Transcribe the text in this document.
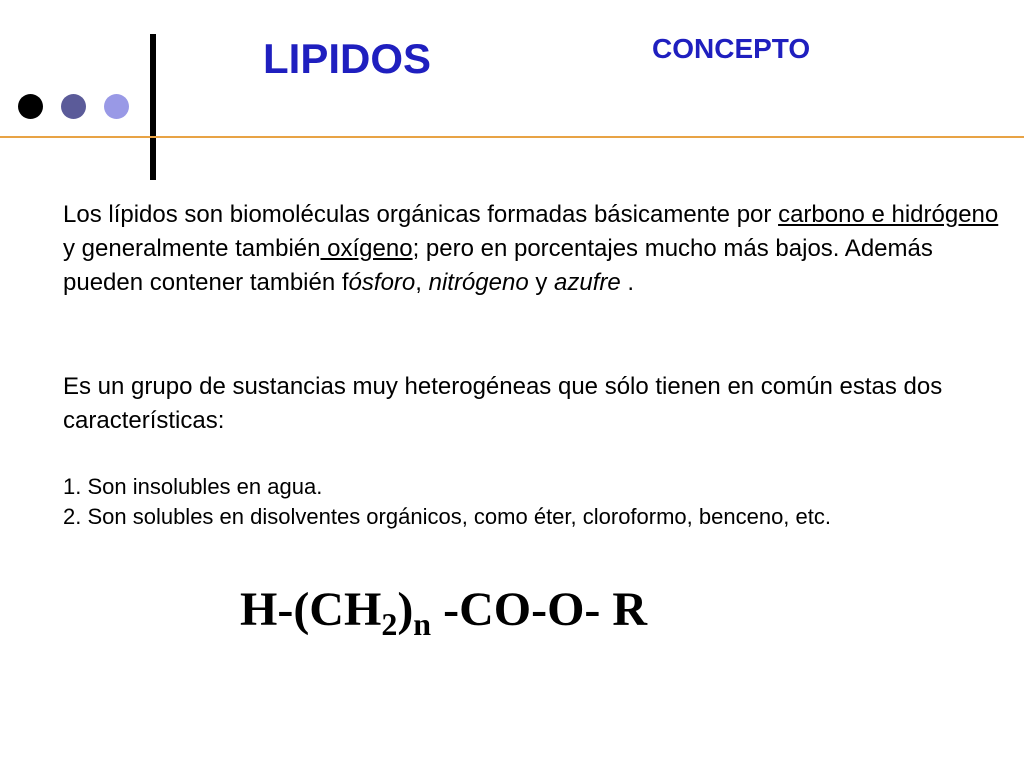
LIPIDOS	CONCEPTO

Los lípidos son biomoléculas orgánicas formadas básicamente por carbono e hidrógeno y generalmente también oxígeno; pero en porcentajes mucho más bajos. Además pueden contener también fósforo, nitrógeno y azufre .

Es un grupo de sustancias muy heterogéneas que sólo tienen en común estas dos características:

1. Son insolubles en agua.
2. Son solubles en disolventes orgánicos, como éter, cloroformo, benceno, etc.
$H-(CH_2)_n$ -CO-O- R
